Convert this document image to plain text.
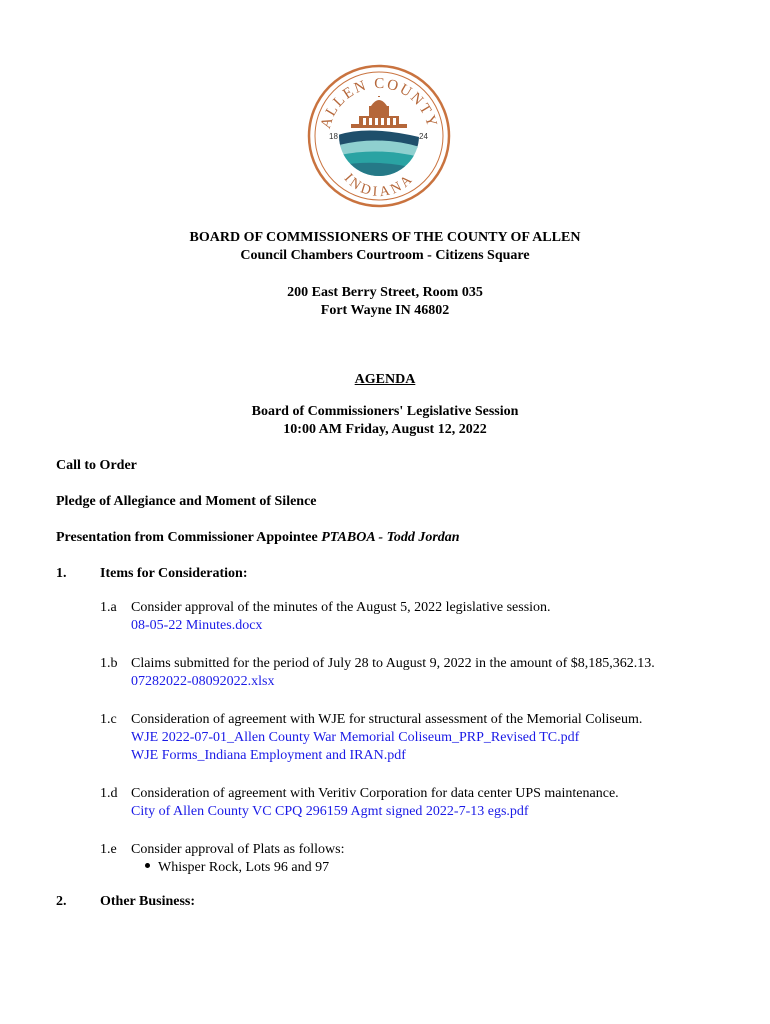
ALLEN COUNTY
INDIANA
18	24
BOARD OF COMMISSIONERS OF THE COUNTY OF ALLEN
Council Chambers Courtroom - Citizens Square
200 East Berry Street, Room 035
Fort Wayne IN 46802
AGENDA
Board of Commissioners' Legislative Session
10:00 AM Friday, August 12, 2022
Call to Order
Pledge of Allegiance and Moment of Silence
Presentation from Commissioner Appointee PTABOA - Todd Jordan
1. Items for Consideration:
1.a Consider approval of the minutes of the August 5, 2022 legislative session.
08-05-22 Minutes.docx
1.b Claims submitted for the period of July 28 to August 9, 2022 in the amount of $8,185,362.13.
07282022-08092022.xlsx
1.c Consideration of agreement with WJE for structural assessment of the Memorial Coliseum.
WJE 2022-07-01_Allen County War Memorial Coliseum_PRP_Revised TC.pdf
WJE Forms_Indiana Employment and IRAN.pdf
1.d Consideration of agreement with Veritiv Corporation for data center UPS maintenance.
City of Allen County VC CPQ 296159 Agmt signed 2022-7-13 egs.pdf
1.e Consider approval of Plats as follows:
Whisper Rock, Lots 96 and 97
2. Other Business:
